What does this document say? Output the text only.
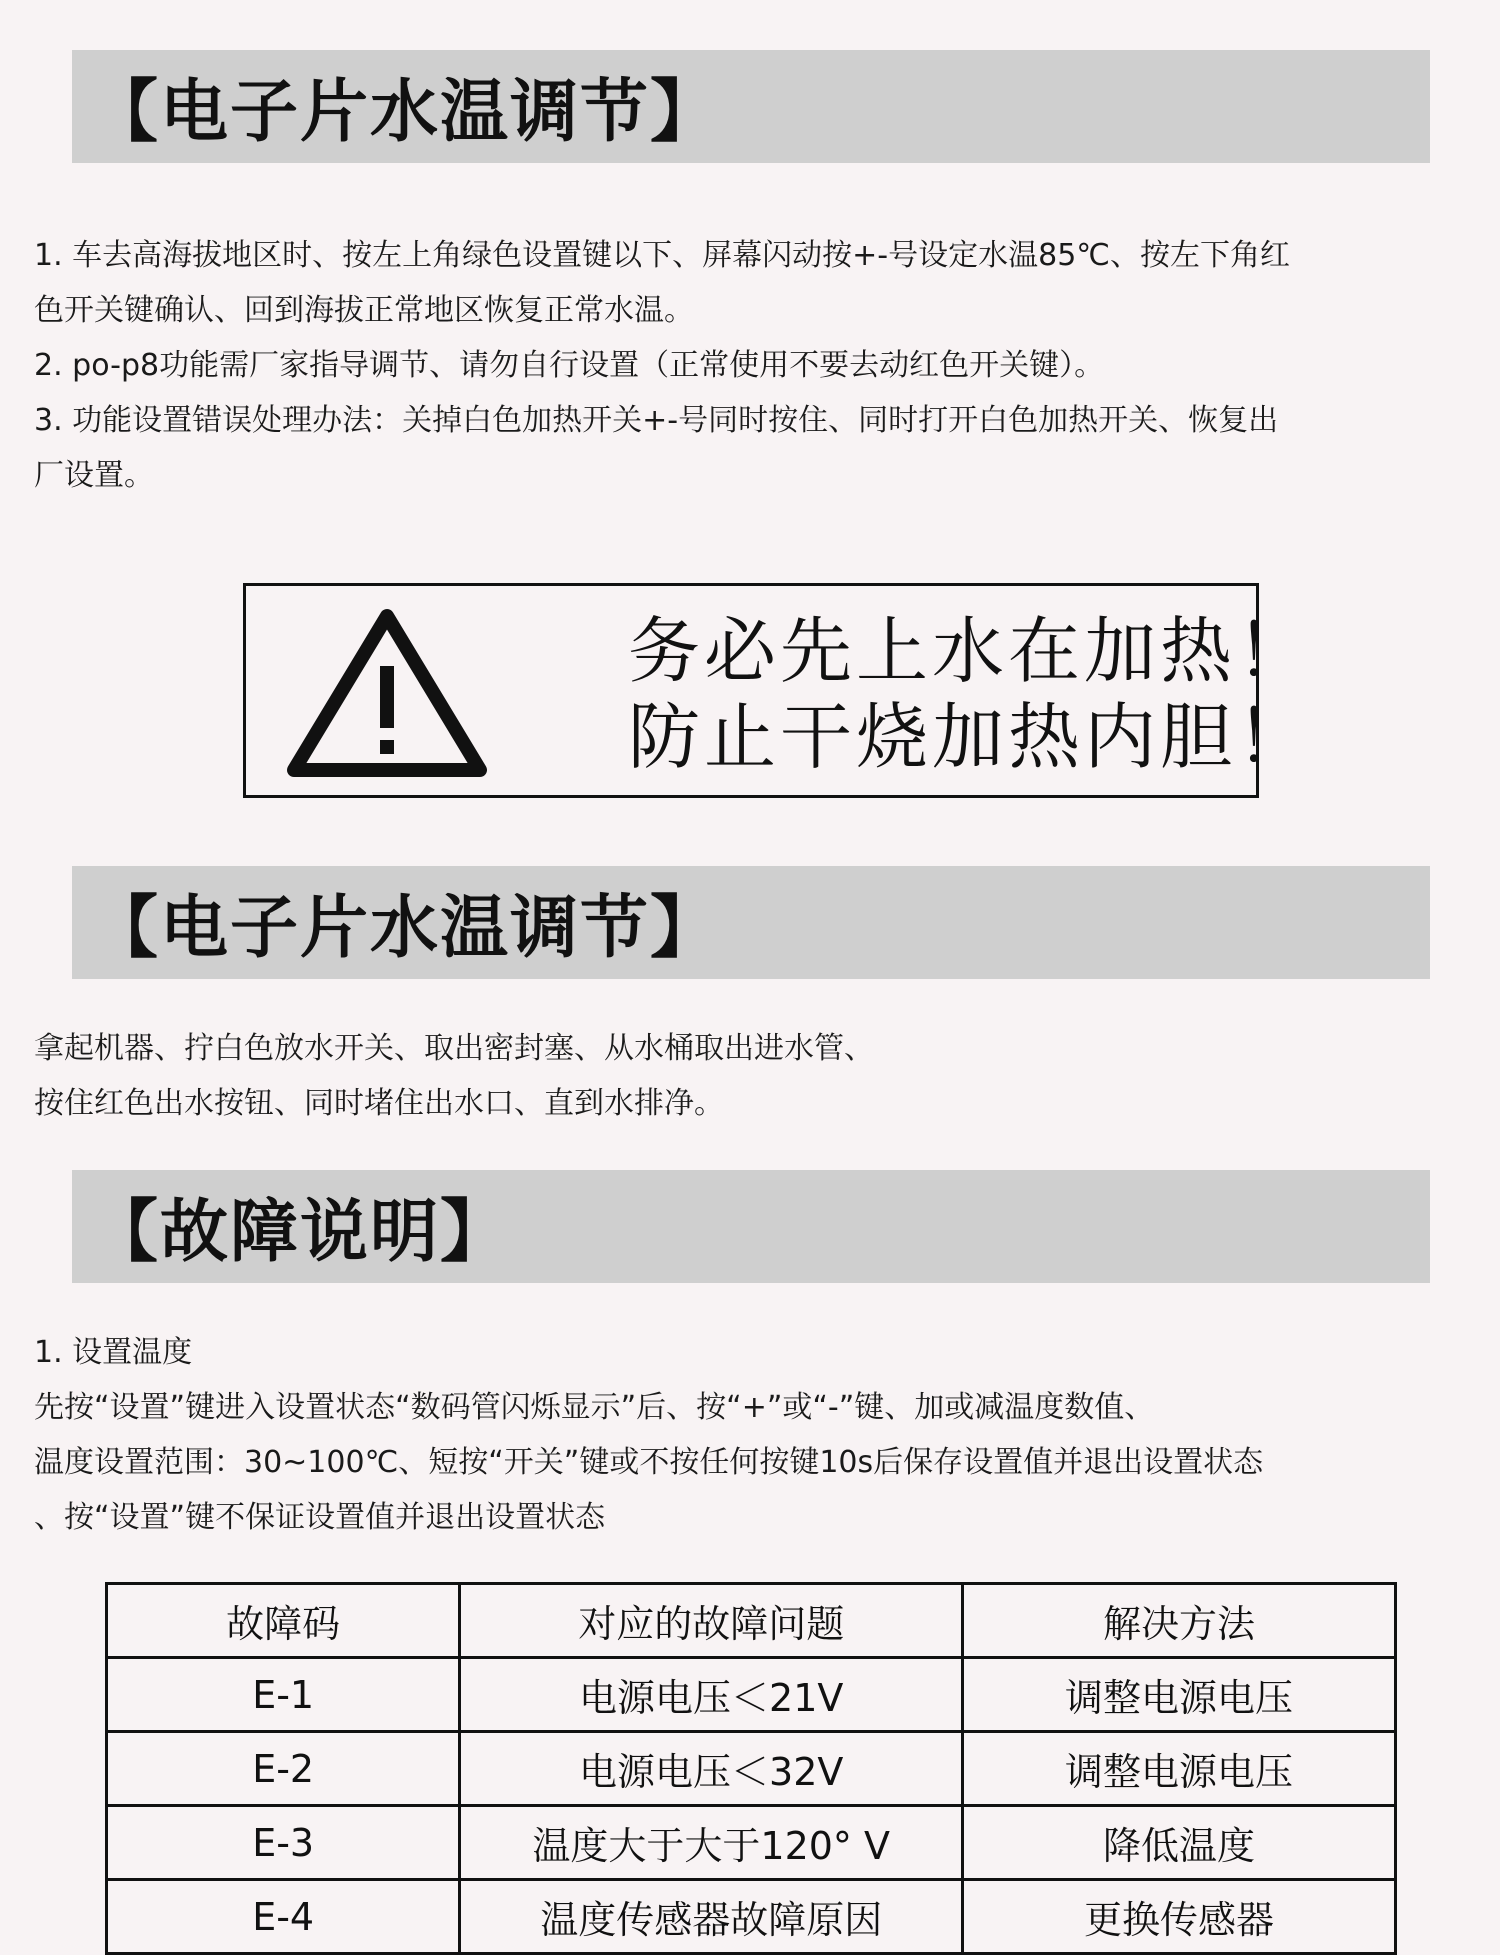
【电子片水温调节】

1. 车去高海拔地区时、按左上角绿色设置键以下、屏幕闪动按+-号设定水温85℃、按左下角红

色开关键确认、回到海拔正常地区恢复正常水温。

2. po-p8功能需厂家指导调节、请勿自行设置（正常使用不要去动红色开关键）。

3. 功能设置错误处理办法：关掉白色加热开关+-号同时按住、同时打开白色加热开关、恢复出

厂设置。

务必先上水在加热！
防止干烧加热内胆！
【电子片水温调节】

拿起机器、拧白色放水开关、取出密封塞、从水桶取出进水管、

按住红色出水按钮、同时堵住出水口、直到水排净。

【故障说明】

1. 设置温度

先按“设置”键进入设置状态“数码管闪烁显示”后、按“+”或“-”键、加或减温度数值、

温度设置范围：30~100℃、短按“开关”键或不按任何按键10s后保存设置值并退出设置状态

、按“设置”键不保证设置值并退出设置状态

故障码	对应的故障问题	解决方法
E-1	电源电压＜21V	调整电源电压
E-2	电源电压＜32V	调整电源电压
E-3	温度大于大于120° V	降低温度
E-4	温度传感器故障原因	更换传感器
